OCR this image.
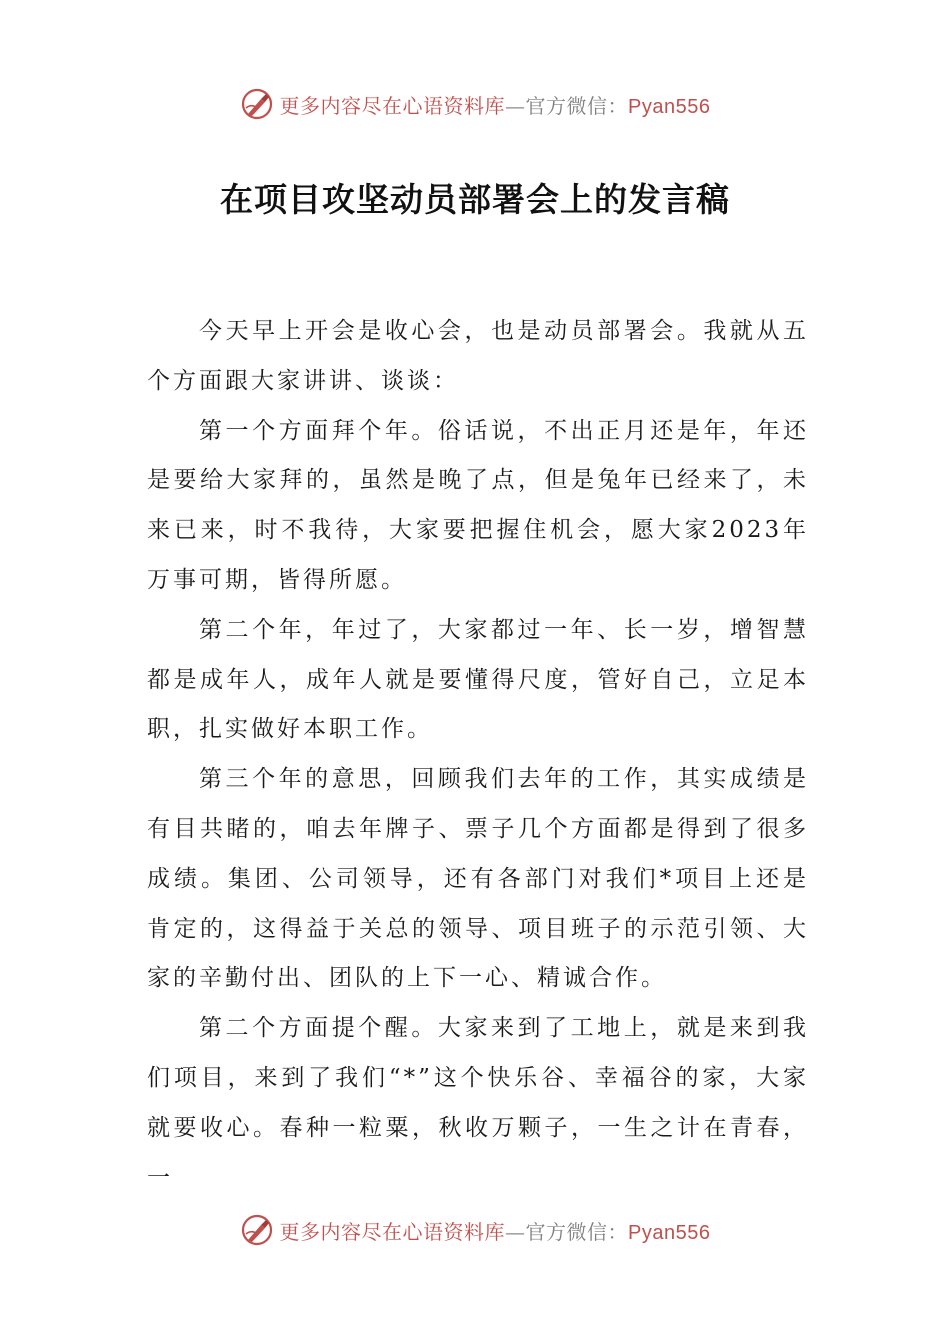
更多内容尽在心语资料库—官方微信：Pyan556
在项目攻坚动员部署会上的发言稿

今天早上开会是收心会，也是动员部署会。我就从五个方面跟大家讲讲、谈谈：

第一个方面拜个年。俗话说，不出正月还是年，年还是要给大家拜的，虽然是晚了点，但是兔年已经来了，未来已来，时不我待，大家要把握住机会，愿大家2023年万事可期，皆得所愿。

第二个年，年过了，大家都过一年、长一岁，增智慧都是成年人，成年人就是要懂得尺度，管好自己，立足本职，扎实做好本职工作。

第三个年的意思，回顾我们去年的工作，其实成绩是有目共睹的，咱去年牌子、票子几个方面都是得到了很多成绩。集团、公司领导，还有各部门对我们*项目上还是肯定的，这得益于关总的领导、项目班子的示范引领、大家的辛勤付出、团队的上下一心、精诚合作。

第二个方面提个醒。大家来到了工地上，就是来到我们项目，来到了我们“*”这个快乐谷、幸福谷的家，大家就要收心。春种一粒粟，秋收万颗子，一生之计在青春，一

更多内容尽在心语资料库—官方微信：Pyan556
